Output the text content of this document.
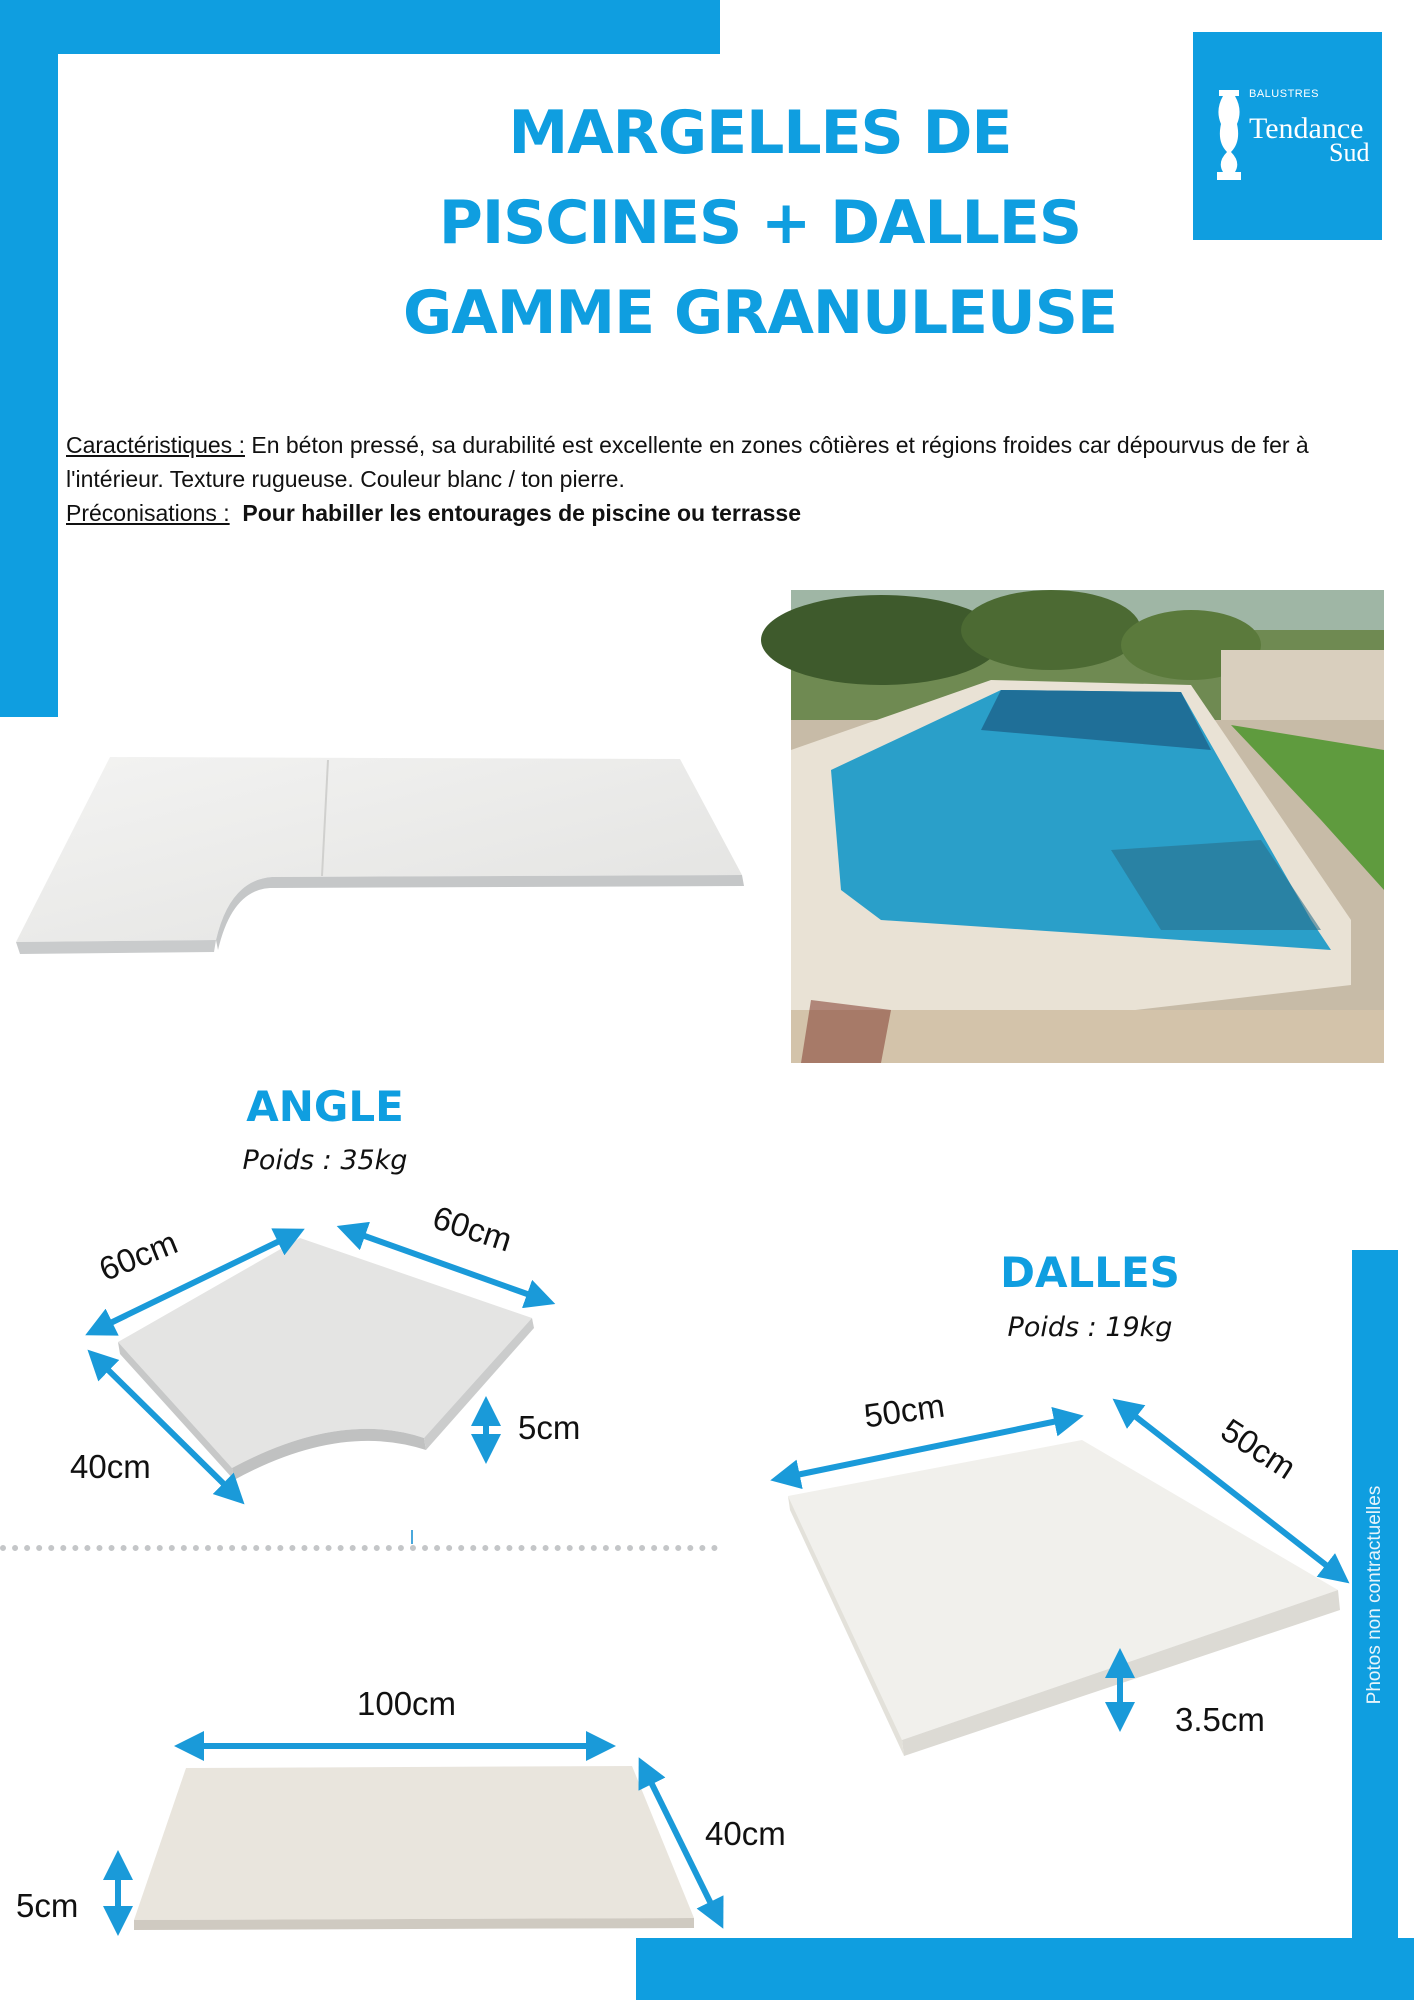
Photos non contractuelles
BALUSTRES
Tendance
Sud
MARGELLES DE
PISCINES + DALLES
GAMME GRANULEUSE
Caractéristiques : En béton pressé, sa durabilité est excellente en zones côtières et régions froides car dépourvus de fer à l'intérieur. Texture rugueuse. Couleur blanc / ton pierre.
Préconisations : Pour habiller les entourages de piscine ou terrasse
ANGLE
Poids : 35kg
60cm	60cm
40cm
5cm
100cm
40cm
5cm
DALLES
Poids : 19kg
50cm
50cm
3.5cm
